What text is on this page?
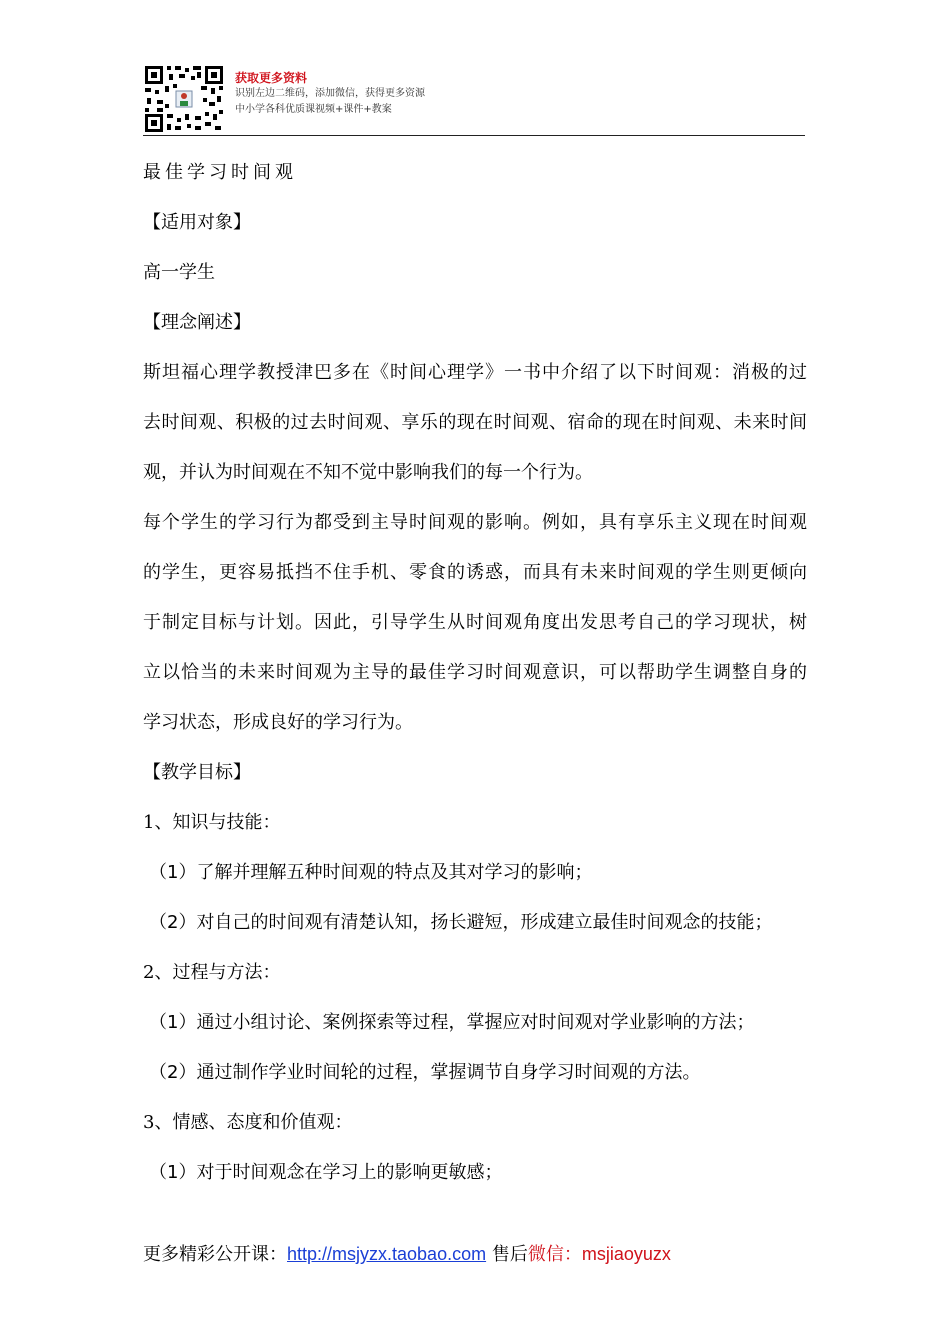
获取更多资料
识别左边二维码，添加微信，获得更多资源
中小学各科优质课视频+课件+教案
最佳学习时间观
【适用对象】
高一学生
【理念阐述】
斯坦福心理学教授津巴多在《时间心理学》一书中介绍了以下时间观：消极的过
去时间观、积极的过去时间观、享乐的现在时间观、宿命的现在时间观、未来时间
观，并认为时间观在不知不觉中影响我们的每一个行为。
每个学生的学习行为都受到主导时间观的影响。例如，具有享乐主义现在时间观
的学生，更容易抵挡不住手机、零食的诱惑，而具有未来时间观的学生则更倾向
于制定目标与计划。因此，引导学生从时间观角度出发思考自己的学习现状，树
立以恰当的未来时间观为主导的最佳学习时间观意识，可以帮助学生调整自身的
学习状态，形成良好的学习行为。
【教学目标】
1、知识与技能：
（1）了解并理解五种时间观的特点及其对学习的影响；
（2）对自己的时间观有清楚认知，扬长避短，形成建立最佳时间观念的技能；
2、过程与方法：
（1）通过小组讨论、案例探索等过程，掌握应对时间观对学业影响的方法；
（2）通过制作学业时间轮的过程，掌握调节自身学习时间观的方法。
3、情感、态度和价值观：
（1）对于时间观念在学习上的影响更敏感；
更多精彩公开课：http://msjyzx.taobao.com 售后微信：msjiaoyuzx
